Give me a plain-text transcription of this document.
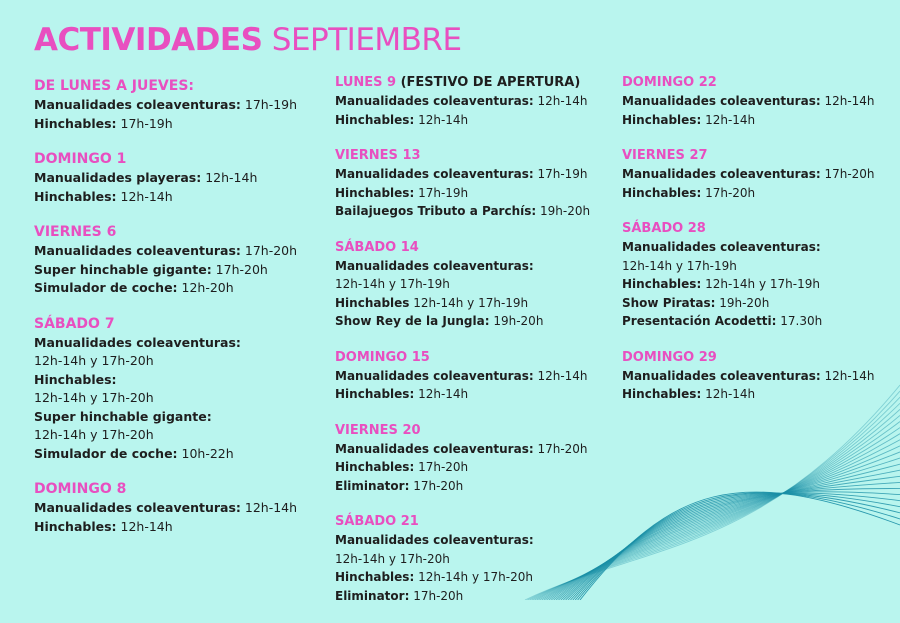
ACTIVIDADES SEPTIEMBRE
DE LUNES A JUEVES:
Manualidades coleaventuras: 17h-19h
Hinchables: 17h-19h
DOMINGO 1
Manualidades playeras: 12h-14h
Hinchables: 12h-14h
VIERNES 6
Manualidades coleaventuras: 17h-20h
Super hinchable gigante: 17h-20h
Simulador de coche: 12h-20h
SÁBADO 7
Manualidades coleaventuras:
12h-14h y 17h-20h
Hinchables:
12h-14h y 17h-20h
Super hinchable gigante:
12h-14h y 17h-20h
Simulador de coche: 10h-22h
DOMINGO 8
Manualidades coleaventuras: 12h-14h
Hinchables: 12h-14h
LUNES 9 (FESTIVO DE APERTURA)
Manualidades coleaventuras: 12h-14h
Hinchables: 12h-14h
VIERNES 13
Manualidades coleaventuras: 17h-19h
Hinchables: 17h-19h
Bailajuegos Tributo a Parchís: 19h-20h
SÁBADO 14
Manualidades coleaventuras:
12h-14h y 17h-19h
Hinchables 12h-14h y 17h-19h
Show Rey de la Jungla: 19h-20h
DOMINGO 15
Manualidades coleaventuras: 12h-14h
Hinchables: 12h-14h
VIERNES 20
Manualidades coleaventuras: 17h-20h
Hinchables: 17h-20h
Eliminator: 17h-20h
SÁBADO 21
Manualidades coleaventuras:
12h-14h y 17h-20h
Hinchables: 12h-14h y 17h-20h
Eliminator: 17h-20h
DOMINGO 22
Manualidades coleaventuras: 12h-14h
Hinchables: 12h-14h
VIERNES 27
Manualidades coleaventuras: 17h-20h
Hinchables: 17h-20h
SÁBADO 28
Manualidades coleaventuras:
12h-14h y 17h-19h
Hinchables: 12h-14h y 17h-19h
Show Piratas: 19h-20h
Presentación Acodetti: 17.30h
DOMINGO 29
Manualidades coleaventuras: 12h-14h
Hinchables: 12h-14h
